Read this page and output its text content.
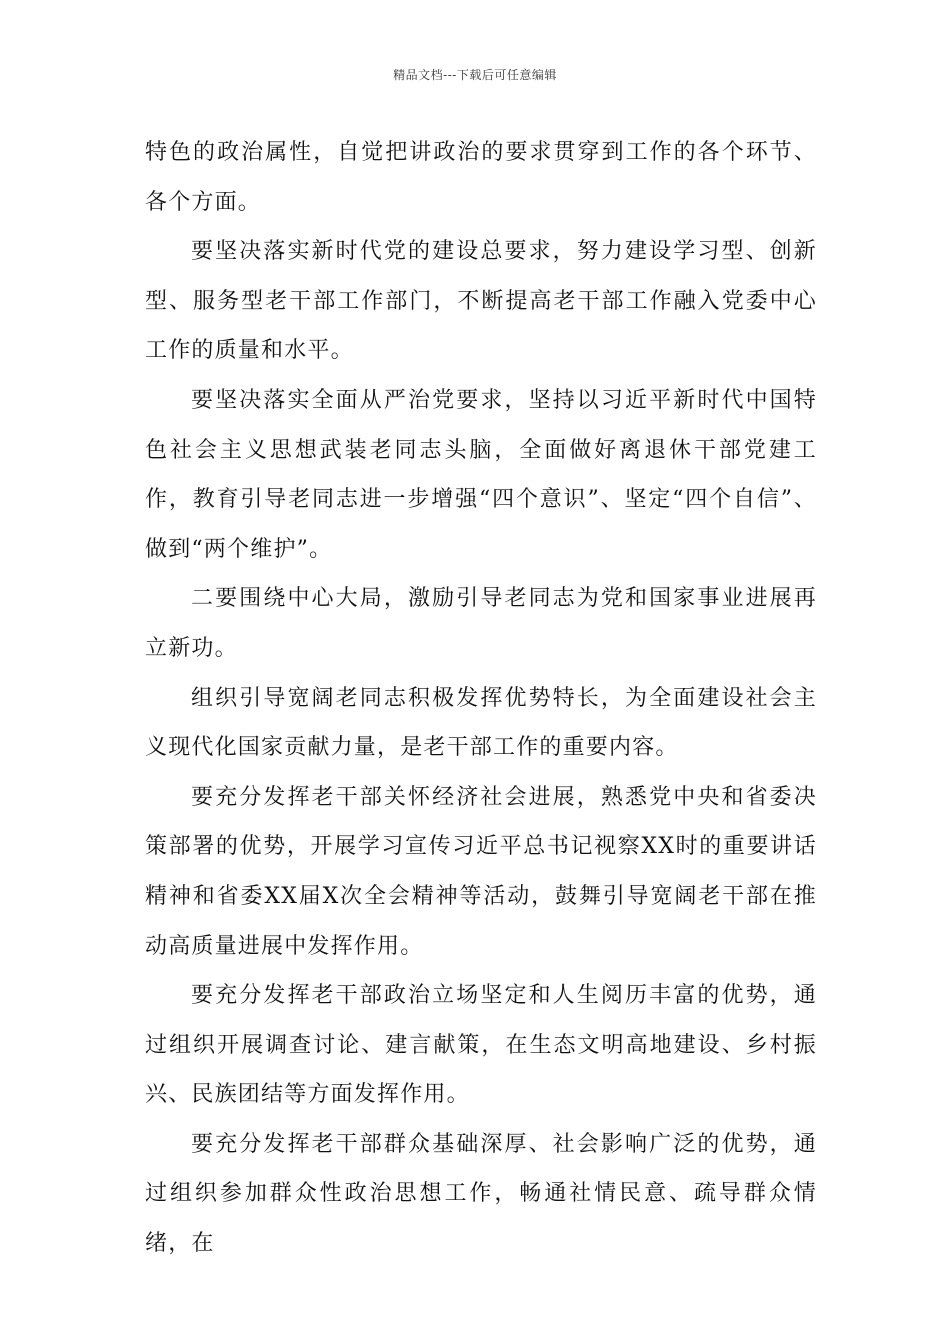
精品文档---下载后可任意编辑

特色的政治属性，自觉把讲政治的要求贯穿到工作的各个环节、各个方面。

要坚决落实新时代党的建设总要求，努力建设学习型、创新型、服务型老干部工作部门，不断提高老干部工作融入党委中心工作的质量和水平。

要坚决落实全面从严治党要求，坚持以习近平新时代中国特色社会主义思想武装老同志头脑，全面做好离退休干部党建工作，教育引导老同志进一步增强“四个意识”、坚定“四个自信”、做到“两个维护”。

二要围绕中心大局，激励引导老同志为党和国家事业进展再立新功。

组织引导宽阔老同志积极发挥优势特长，为全面建设社会主义现代化国家贡献力量，是老干部工作的重要内容。

要充分发挥老干部关怀经济社会进展，熟悉党中央和省委决策部署的优势，开展学习宣传习近平总书记视察XX时的重要讲话精神和省委XX届X次全会精神等活动，鼓舞引导宽阔老干部在推动高质量进展中发挥作用。

要充分发挥老干部政治立场坚定和人生阅历丰富的优势，通过组织开展调查讨论、建言献策，在生态文明高地建设、乡村振兴、民族团结等方面发挥作用。

要充分发挥老干部群众基础深厚、社会影响广泛的优势，通过组织参加群众性政治思想工作，畅通社情民意、疏导群众情绪，在
